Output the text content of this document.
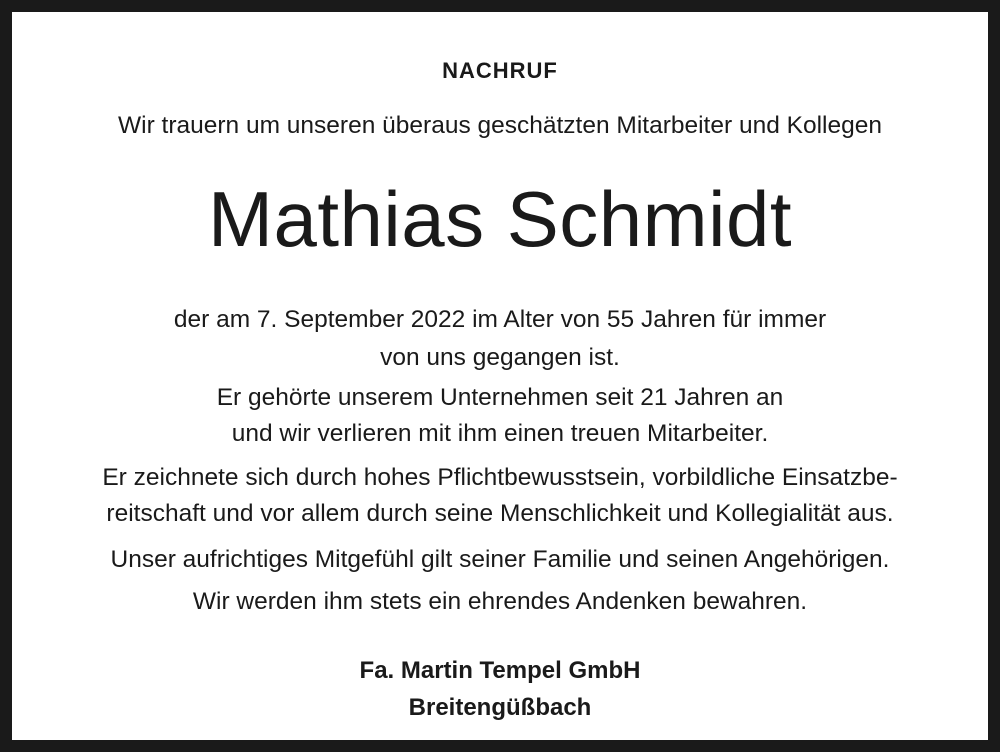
NACHRUF
Wir trauern um unseren überaus geschätzten Mitarbeiter und Kollegen
Mathias Schmidt
der am 7. September 2022 im Alter von 55 Jahren für immer
von uns gegangen ist.
Er gehörte unserem Unternehmen seit 21 Jahren an
und wir verlieren mit ihm einen treuen Mitarbeiter.
Er zeichnete sich durch hohes Pflichtbewusstsein, vorbildliche Einsatzbe-
reitschaft und vor allem durch seine Menschlichkeit und Kollegialität aus.
Unser aufrichtiges Mitgefühl gilt seiner Familie und seinen Angehörigen.
Wir werden ihm stets ein ehrendes Andenken bewahren.
Fa. Martin Tempel GmbH
Breitengüßbach
